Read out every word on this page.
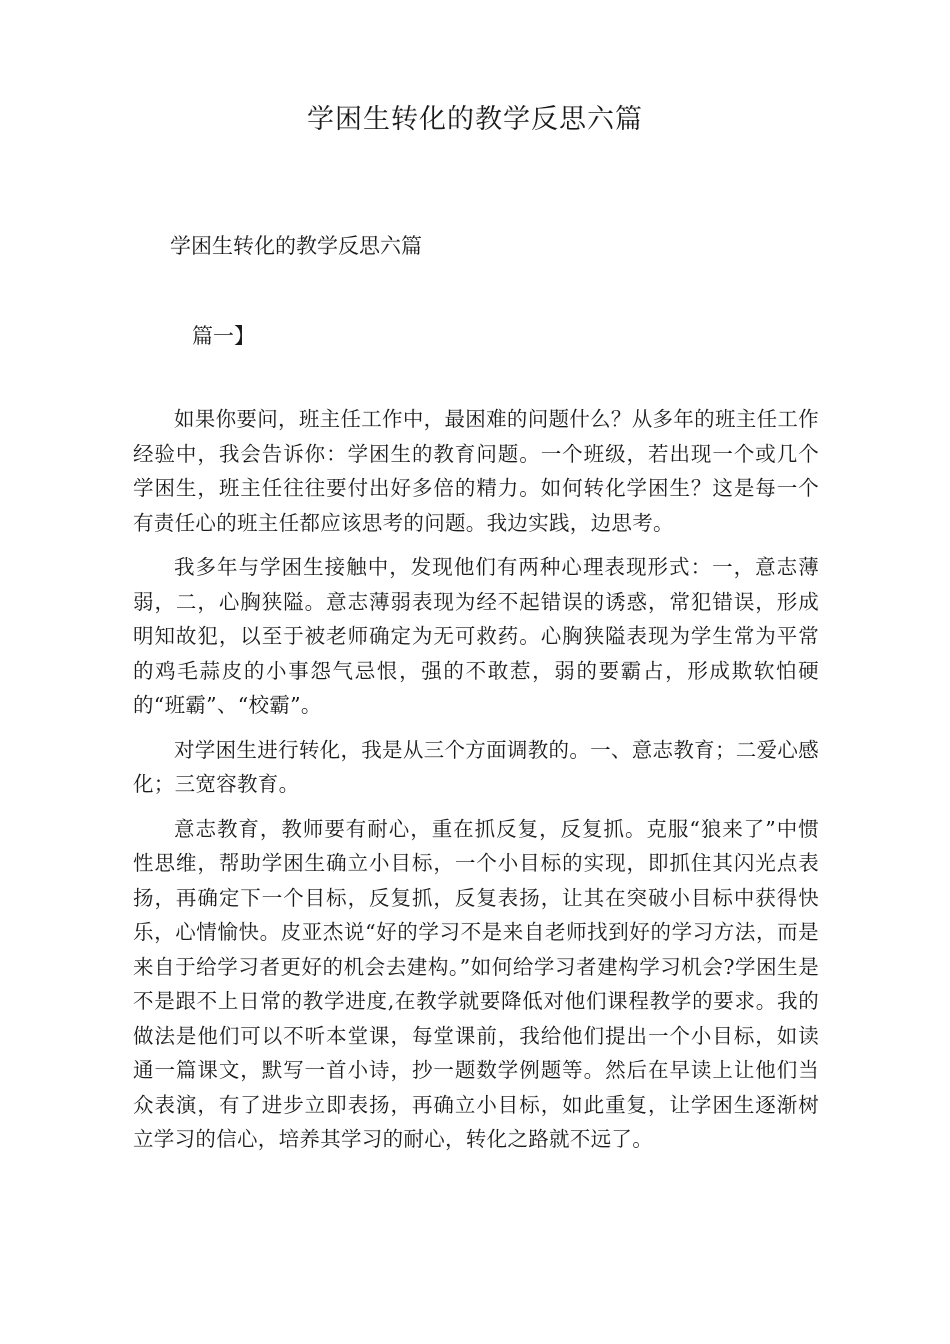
学困生转化的教学反思六篇
学困生转化的教学反思六篇
篇一】

如果你要问，班主任工作中，最困难的问题什么？从多年的班主任工作经验中，我会告诉你：学困生的教育问题。一个班级，若出现一个或几个学困生，班主任往往要付出好多倍的精力。如何转化学困生？这是每一个有责任心的班主任都应该思考的问题。我边实践，边思考。

我多年与学困生接触中，发现他们有两种心理表现形式：一，意志薄弱，二，心胸狭隘。意志薄弱表现为经不起错误的诱惑，常犯错误，形成明知故犯，以至于被老师确定为无可救药。心胸狭隘表现为学生常为平常的鸡毛蒜皮的小事怨气忌恨，强的不敢惹，弱的要霸占，形成欺软怕硬的“班霸”、“校霸”。

对学困生进行转化，我是从三个方面调教的。一、意志教育；二爱心感化；三宽容教育。

意志教育，教师要有耐心，重在抓反复，反复抓。克服“狼来了”中惯性思维，帮助学困生确立小目标，一个小目标的实现，即抓住其闪光点表扬，再确定下一个目标，反复抓，反复表扬，让其在突破小目标中获得快乐，心情愉快。皮亚杰说“好的学习不是来自老师找到好的学习方法，而是来自于给学习者更好的机会去建构。”如何给学习者建构学习机会?学困生是不是跟不上日常的教学进度,在教学就要降低对他们课程教学的要求。我的做法是他们可以不听本堂课，每堂课前，我给他们提出一个小目标，如读通一篇课文，默写一首小诗，抄一题数学例题等。然后在早读上让他们当众表演，有了进步立即表扬，再确立小目标，如此重复，让学困生逐渐树立学习的信心，培养其学习的耐心，转化之路就不远了。
